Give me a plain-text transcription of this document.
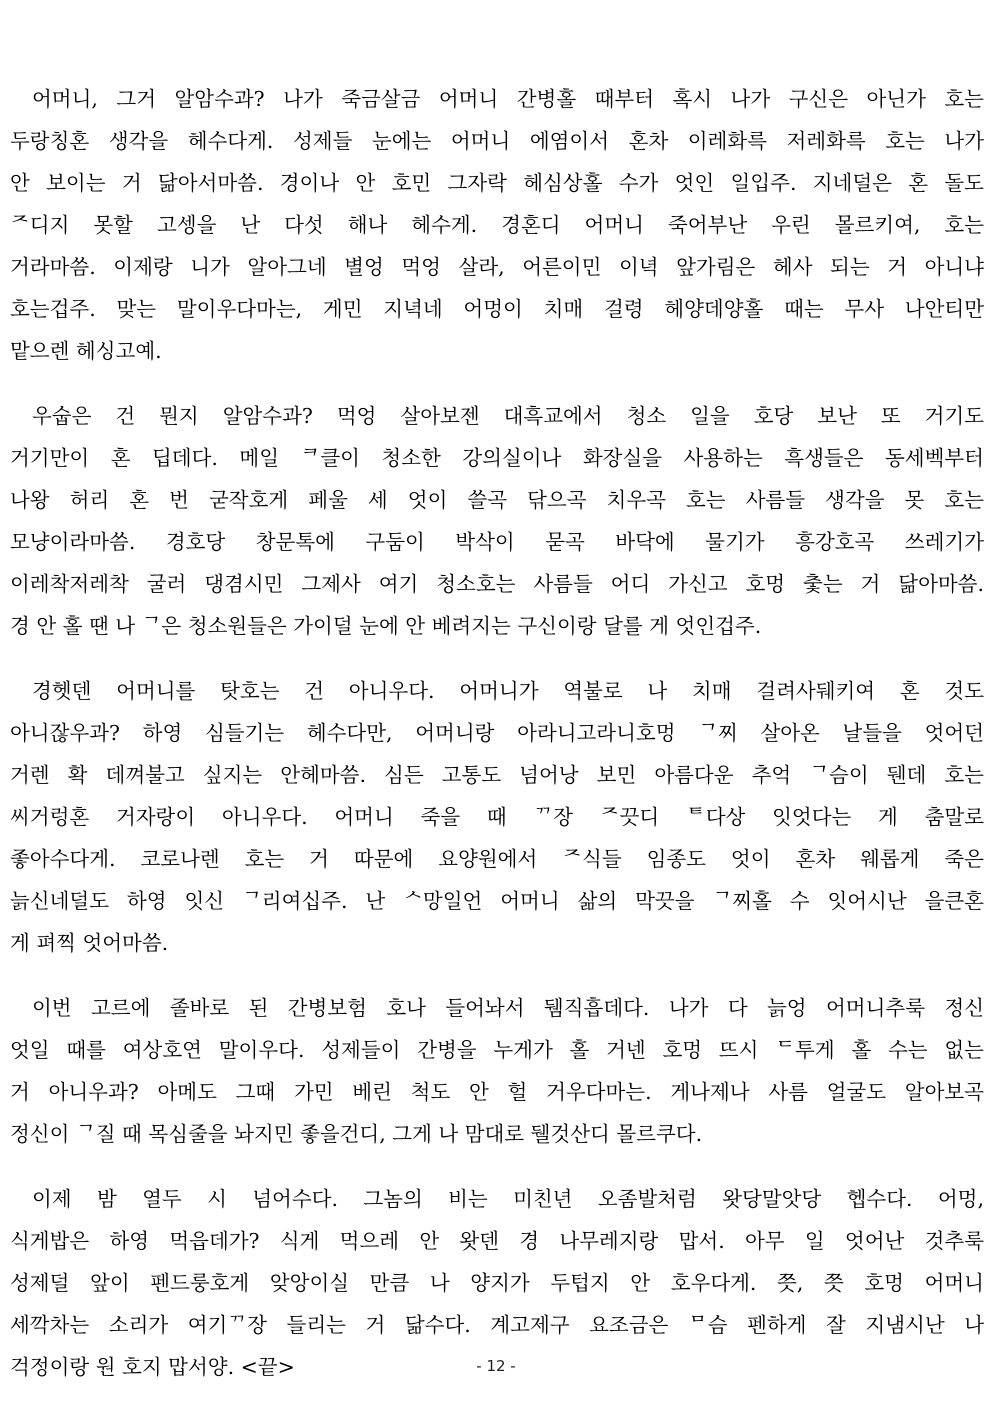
어머니, 그거 알암수과? 나가 죽금살금 어머니 간병홀 때부터 혹시 나가 구신은 아닌가 호는
두랑칭혼 생각을 헤수다게. 성제들 눈에는 어머니 에염이서 혼차 이레화륵 저레화륵 호는 나가
안 보이는 거 닮아서마씀. 경이나 안 호민 그자락 헤심상홀 수가 엇인 일입주. 지네덜은 혼 돌도
ᄌ디지 못할 고셍을 난 다섯 해나 헤수게. 경혼디 어머니 죽어부난 우린 몰르키여, 호는
거라마씀. 이제랑 니가 알아그네 별엉 먹엉 살라, 어른이민 이녁 앞가림은 헤사 되는 거 아니냐
호는겁주. 맞는 말이우다마는, 게민 지녁네 어멍이 치매 걸령 헤양데양홀 때는 무사 나안티만
맡으렌 헤싱고예.
우숩은 건 뭔지 알암수과? 먹엉 살아보젠 대흑교에서 청소 일을 호당 보난 또 거기도
거기만이 혼 딥데다. 메일 ᄏ클이 청소한 강의실이나 화장실을 사용하는 흑생들은 동세벡부터
나왕 허리 혼 번 굳작호게 페울 세 엇이 쓸곡 닦으곡 치우곡 호는 사름들 생각을 못 호는
모냥이라마씀. 경호당 창문톡에 구둠이 박삭이 묻곡 바닥에 물기가 흥강호곡 쓰레기가
이레착저레착 굴러 댕겸시민 그제사 여기 청소호는 사름들 어디 가신고 호멍 춫는 거 닮아마씀.
경 안 홀 땐 나 ᄀ은 청소원들은 가이덜 눈에 안 베려지는 구신이랑 달를 게 엇인겁주.
경헷덴 어머니를 탓호는 건 아니우다. 어머니가 역불로 나 치매 걸려사뒈키여 혼 것도
아니잖우과? 하영 심들기는 헤수다만, 어머니랑 아라니고라니호멍 ᄀ찌 살아온 날들을 엇어던
거렌 확 데껴불고 싶지는 안헤마씀. 심든 고통도 넘어낭 보민 아름다운 추억 ᄀ슴이 뒌데 호는
씨거렁혼 거자랑이 아니우다. 어머니 죽을 때 ᄁ장 ᄌ끗디 ᄐ다상 잇엇다는 게 춤말로
좋아수다게. 코로나렌 호는 거 따문에 요양원에서 ᄌ식들 임종도 엇이 혼차 웨롭게 죽은
늙신네덜도 하영 잇신 ᄀ리여십주. 난 ᄉ망일언 어머니 삶의 막끗을 ᄀ찌홀 수 잇어시난 을큰혼
게 펴찍 엇어마씀.
이번 고르에 졸바로 된 간병보험 호나 들어놔서 뒘직흡데다. 나가 다 늙엉 어머니추룩 정신
엇일 때를 여상호연 말이우다. 성제들이 간병을 누게가 홀 거넨 호멍 뜨시 ᄃ투게 홀 수는 없는
거 아니우과? 아메도 그때 가민 베린 척도 안 헐 거우다마는. 게나제나 사름 얼굴도 알아보곡
정신이 ᄀ질 때 목심줄을 놔지민 좋을건디, 그게 나 맘대로 뒐것산디 몰르쿠다.
이제 밤 열두 시 넘어수다. 그놈의 비는 미친년 오좀발처럼 왓당말앗당 헵수다. 어멍,
식게밥은 하영 먹읍데가? 식게 먹으레 안 왓덴 경 나무레지랑 맙서. 아무 일 엇어난 것추룩
성제덜 앞이 펜드룽호게 앚앙이실 만큼 나 양지가 두텁지 안 호우다게. 쯧, 쯧 호멍 어머니
세깍차는 소리가 여기ᄁ장 들리는 거 닮수다. 계고제구 요조금은 ᄆ슴 펜하게 잘 지냄시난 나
걱정이랑 원 호지 맙서양. <끝>	- 12 -
